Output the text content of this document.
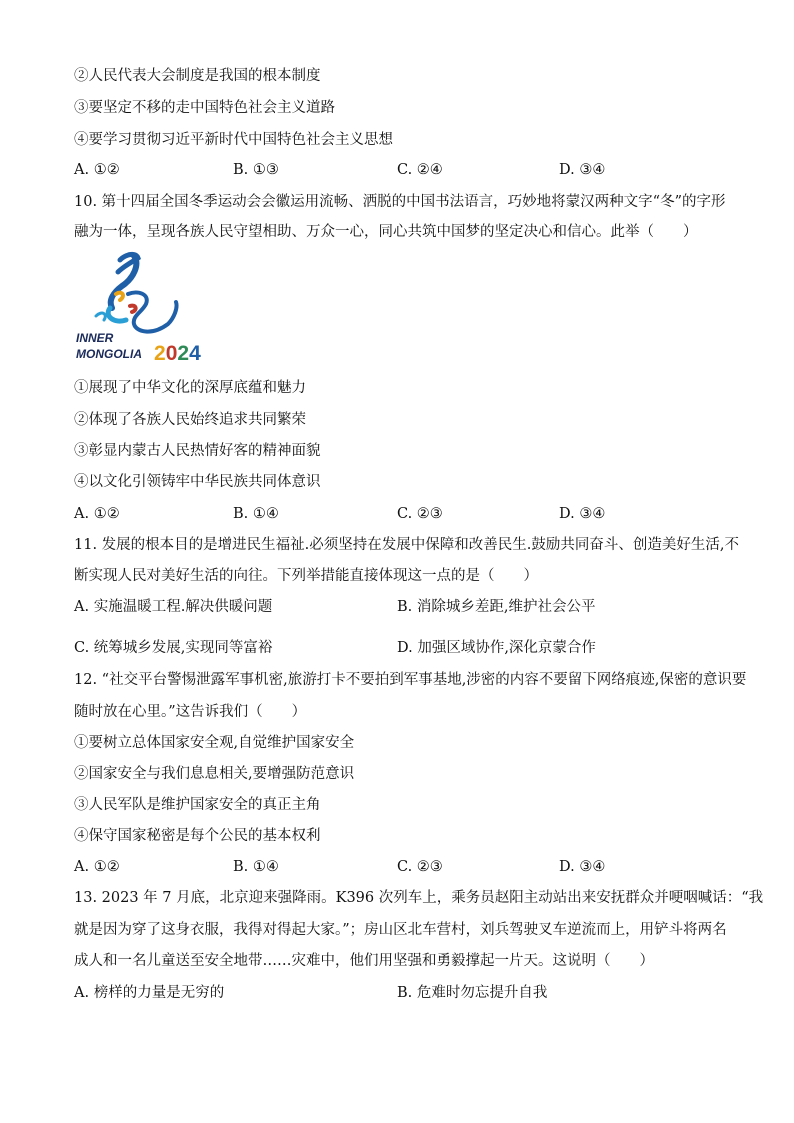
②人民代表大会制度是我国的根本制度
③要坚定不移的走中国特色社会主义道路
④要学习贯彻习近平新时代中国特色社会主义思想
A. ①②	B. ①③	C. ②④	D. ③④
10. 第十四届全国冬季运动会会徽运用流畅、洒脱的中国书法语言，巧妙地将蒙汉两种文字“冬”的字形
融为一体，呈现各族人民守望相助、万众一心，同心共筑中国梦的坚定决心和信心。此举（　　）
INNER
MONGOLIA 2024
①展现了中华文化的深厚底蕴和魅力
②体现了各族人民始终追求共同繁荣
③彰显内蒙古人民热情好客的精神面貌
④以文化引领铸牢中华民族共同体意识
A. ①②	B. ①④	C. ②③	D. ③④
11. 发展的根本目的是增进民生福祉.必须坚持在发展中保障和改善民生.鼓励共同奋斗、创造美好生活,不
断实现人民对美好生活的向往。下列举措能直接体现这一点的是（　　）
A. 实施温暖工程.解决供暖问题	B. 消除城乡差距,维护社会公平
C. 统筹城乡发展,实现同等富裕	D. 加强区域协作,深化京蒙合作
12. “社交平台警惕泄露军事机密,旅游打卡不要拍到军事基地,涉密的内容不要留下网络痕迹,保密的意识要
随时放在心里。”这告诉我们（　　）
①要树立总体国家安全观,自觉维护国家安全
②国家安全与我们息息相关,要增强防范意识
③人民军队是维护国家安全的真正主角
④保守国家秘密是每个公民的基本权利
A. ①②	B. ①④	C. ②③	D. ③④
13. 2023 年 7 月底，北京迎来强降雨。K396 次列车上，乘务员赵阳主动站出来安抚群众并哽咽喊话：“我
就是因为穿了这身衣服，我得对得起大家。”；房山区北车营村，刘兵驾驶叉车逆流而上，用铲斗将两名
成人和一名儿童送至安全地带……灾难中，他们用坚强和勇毅撑起一片天。这说明（　　）
A. 榜样的力量是无穷的	B. 危难时勿忘提升自我
